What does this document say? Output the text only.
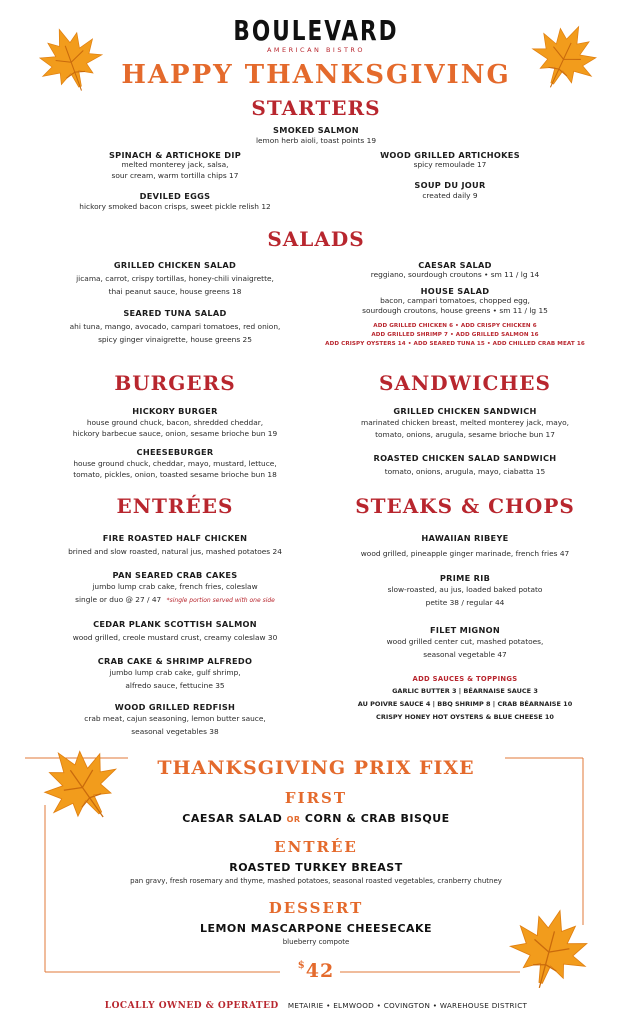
BOULEVARD
AMERICAN BISTRO
HAPPY THANKSGIVING
STARTERS
SMOKED SALMON
lemon herb aioli, toast points 19
SPINACH & ARTICHOKE DIP
melted monterey jack, salsa,
sour cream, warm tortilla chips 17
WOOD GRILLED ARTICHOKES
spicy remoulade 17
SOUP DU JOUR
created daily 9
DEVILED EGGS
hickory smoked bacon crisps, sweet pickle relish 12
SALADS
GRILLED CHICKEN SALAD
jicama, carrot, crispy tortillas, honey-chili vinaigrette,
thai peanut sauce, house greens 18
SEARED TUNA SALAD
ahi tuna, mango, avocado, campari tomatoes, red onion,
spicy ginger vinaigrette, house greens 25
CAESAR SALAD
reggiano, sourdough croutons • sm 11 / lg 14
HOUSE SALAD
bacon, campari tomatoes, chopped egg,
sourdough croutons, house greens • sm 11 / lg 15
ADD GRILLED CHICKEN 6 • ADD CRISPY CHICKEN 6
ADD GRILLED SHRIMP 7 • ADD GRILLED SALMON 16
ADD CRISPY OYSTERS 14 • ADD SEARED TUNA 15 • ADD CHILLED CRAB MEAT 16
BURGERS
HICKORY BURGER
house ground chuck, bacon, shredded cheddar,
hickory barbecue sauce, onion, sesame brioche bun 19
CHEESEBURGER
house ground chuck, cheddar, mayo, mustard, lettuce,
tomato, pickles, onion, toasted sesame brioche bun 18
SANDWICHES
GRILLED CHICKEN SANDWICH
marinated chicken breast, melted monterey jack, mayo,
tomato, onions, arugula, sesame brioche bun 17
ROASTED CHICKEN SALAD SANDWICH
tomato, onions, arugula, mayo, ciabatta 15
ENTRÉES
FIRE ROASTED HALF CHICKEN
brined and slow roasted, natural jus, mashed potatoes 24
PAN SEARED CRAB CAKES
jumbo lump crab cake, french fries, coleslaw
single or duo @ 27 / 47 *single portion served with one side
CEDAR PLANK SCOTTISH SALMON
wood grilled, creole mustard crust, creamy coleslaw 30
CRAB CAKE & SHRIMP ALFREDO
jumbo lump crab cake, gulf shrimp,
alfredo sauce, fettucine 35
WOOD GRILLED REDFISH
crab meat, cajun seasoning, lemon butter sauce,
seasonal vegetables 38
STEAKS & CHOPS
HAWAIIAN RIBEYE
wood grilled, pineapple ginger marinade, french fries 47
PRIME RIB
slow-roasted, au jus, loaded baked potato
petite 38 / regular 44
FILET MIGNON
wood grilled center cut, mashed potatoes,
seasonal vegetable 47
ADD SAUCES & TOPPINGS
GARLIC BUTTER 3 | BÉARNAISE SAUCE 3
AU POIVRE SAUCE 4 | BBQ SHRIMP 8 | CRAB BÉARNAISE 10
CRISPY HONEY HOT OYSTERS & BLUE CHEESE 10
THANKSGIVING PRIX FIXE
FIRST
CAESAR SALAD OR CORN & CRAB BISQUE
ENTRÉE
ROASTED TURKEY BREAST
pan gravy, fresh rosemary and thyme, mashed potatoes, seasonal roasted vegetables, cranberry chutney
DESSERT
LEMON MASCARPONE CHEESECAKE
blueberry compote
$42
LOCALLY OWNED & OPERATED METAIRIE • ELMWOOD • COVINGTON • WAREHOUSE DISTRICT
